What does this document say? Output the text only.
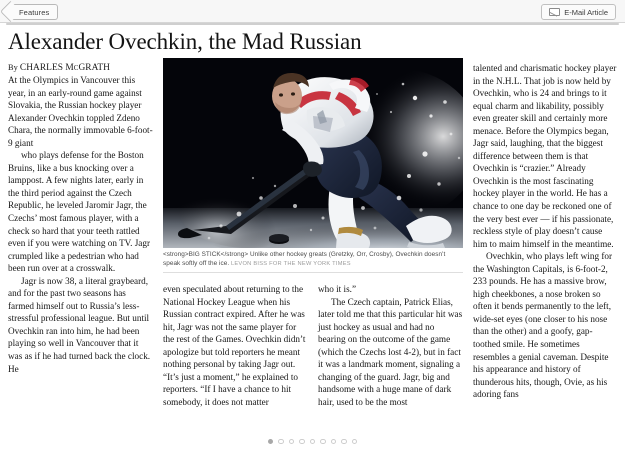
Features	E-Mail Article
Alexander Ovechkin, the Mad Russian
<strong>BIG STICK</strong> Unlike other hockey greats (Gretzky, Orr, Crosby), Ovechkin doesn’t speak softly off the ice. LEVON BISS FOR THE NEW YORK TIMES

By CHARLES McGRATH

At the Olympics in Vancouver this year, in an early-round game against Slovakia, the Russian hockey player Alexander Ovechkin toppled Zdeno Chara, the normally immovable 6-foot-9 giant

who plays defense for the Boston Bruins, like a bus knocking over a lamppost. A few nights later, early in the third period against the Czech Republic, he leveled Jaromir Jagr, the Czechs’ most famous player, with a check so hard that your teeth rattled even if you were watching on TV. Jagr crumpled like a pedestrian who had been run over at a crosswalk.

Jagr is now 38, a literal graybeard, and for the past two seasons has farmed himself out to Russia’s less-stressful professional league. But until Ovechkin ran into him, he had been playing so well in Vancouver that it was as if he had turned back the clock. He

even speculated about returning to the National Hockey League when his Russian contract expired. After he was hit, Jagr was not the same player for the rest of the Games. Ovechkin didn’t apologize but told reporters he meant nothing personal by taking Jagr out. “It’s just a moment,” he explained to reporters. “If I have a chance to hit somebody, it does not matter

who it is.”

The Czech captain, Patrick Elias, later told me that this particular hit was just hockey as usual and had no bearing on the outcome of the game (which the Czechs lost 4-2), but in fact it was a landmark moment, signaling a changing of the guard. Jagr, big and handsome with a huge mane of dark hair, used to be the most

talented and charismatic hockey player in the N.H.L. That job is now held by Ovechkin, who is 24 and brings to it equal charm and likability, possibly even greater skill and certainly more menace. Before the Olympics began, Jagr said, laughing, that the biggest difference between them is that Ovechkin is “crazier.” Already Ovechkin is the most fascinating hockey player in the world. He has a chance to one day be reckoned one of the very best ever — if his passionate, reckless style of play doesn’t cause him to maim himself in the meantime.

Ovechkin, who plays left wing for the Washington Capitals, is 6-foot-2, 233 pounds. He has a massive brow, high cheekbones, a nose broken so often it bends permanently to the left, wide-set eyes (one closer to his nose than the other) and a goofy, gap-toothed smile. He sometimes resembles a genial caveman. Despite his appearance and history of thunderous hits, though, Ovie, as his adoring fans
